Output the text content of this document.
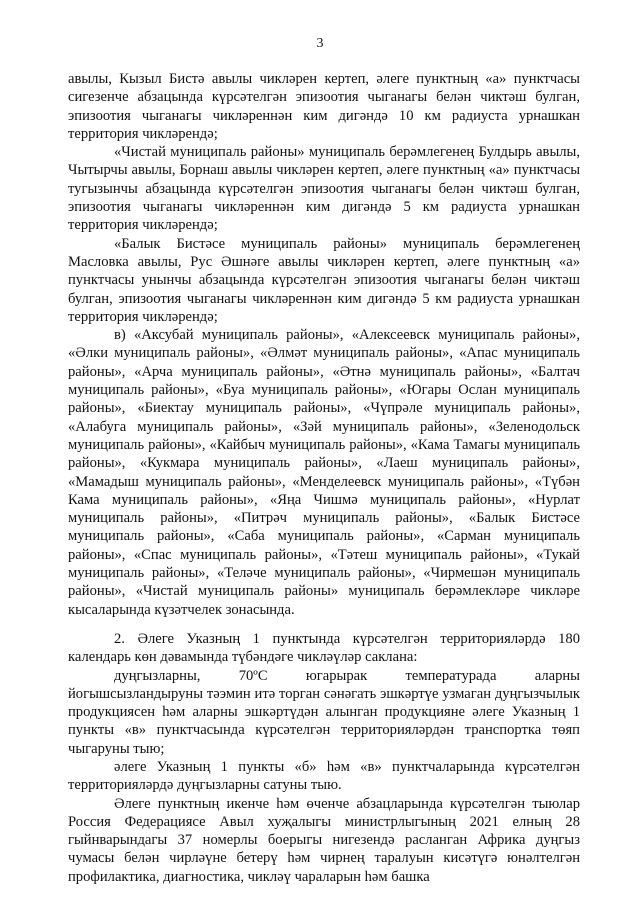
3

авылы, Кызыл Бистә авылы чикләрен кертеп, әлеге пунктның «а» пунктчасы сигезенче абзацында күрсәтелгән эпизоотия чыганагы белән чиктәш булган, эпизоотия чыганагы чикләреннән ким дигәндә 10 км радиуста урнашкан территория чикләрендә;

«Чистай муниципаль районы» муниципаль берәмлегенең Булдырь авылы, Чытырчы авылы, Борнаш авылы чикләрен кертеп, әлеге пунктның «а» пунктчасы тугызынчы абзацында күрсәтелгән эпизоотия чыганагы белән чиктәш булган, эпизоотия чыганагы чикләреннән ким дигәндә 5 км радиуста урнашкан территория чикләрендә;

«Балык Бистәсе муниципаль районы» муниципаль берәмлегенең Масловка авылы, Рус Әшнәге авылы чикләрен кертеп, әлеге пунктның «а» пунктчасы унынчы абзацында күрсәтелгән эпизоотия чыганагы белән чиктәш булган, эпизоотия чыганагы чикләреннән ким дигәндә 5 км радиуста урнашкан территория чикләрендә;

в) «Аксубай муниципаль районы», «Алексеевск муниципаль районы», «Әлки муниципаль районы», «Әлмәт муниципаль районы», «Апас муниципаль районы», «Арча муниципаль районы», «Әтнә муниципаль районы», «Балтач муниципаль районы», «Буа муниципаль районы», «Югары Ослан муниципаль районы», «Биектау муниципаль районы», «Чүпрәле муниципаль районы», «Алабуга муниципаль районы», «Зәй муниципаль районы», «Зеленодольск муниципаль районы», «Кайбыч муниципаль районы», «Кама Тамагы муниципаль районы», «Кукмара муниципаль районы», «Лаеш муниципаль районы», «Мамадыш муниципаль районы», «Менделеевск муниципаль районы», «Түбән Кама муниципаль районы», «Яңа Чишмә муниципаль районы», «Нурлат муниципаль районы», «Питрәч муниципаль районы», «Балык Бистәсе муниципаль районы», «Саба муниципаль районы», «Сарман муниципаль районы», «Спас муниципаль районы», «Тәтеш муниципаль районы», «Тукай муниципаль районы», «Теләче муниципаль районы», «Чирмешән муниципаль районы», «Чистай муниципаль районы» муниципаль берәмлекләре чикләре кысаларында күзәтчелек зонасында.

2. Әлеге Указның 1 пунктында күрсәтелгән территорияләрдә 180 календарь көн дәвамында түбәндәге чикләүләр саклана:

дуңгызларны, 70ºС югарырак температурада аларны йогышсызландыруны тәэмин итә торган сәнәгать эшкәртүе узмаган дуңгызчылык продукциясен һәм аларны эшкәртүдән алынган продукцияне әлеге Указның 1 пункты «в» пунктчасында күрсәтелгән территорияләрдән транспортка төяп чыгаруны тыю;

әлеге Указның 1 пункты «б» һәм «в» пунктчаларында күрсәтелгән территорияләрдә дуңгызларны сатуны тыю.

Әлеге пунктның икенче һәм өченче абзацларында күрсәтелгән тыюлар Россия Федерациясе Авыл хуҗалыгы министрлыгының 2021 елның 28 гыйнварындагы 37 номерлы боерыгы нигезендә расланган Африка дуңгыз чумасы белән чирләүне бетерү һәм чирнең таралуын кисәтүгә юнәлтелгән профилактика, диагностика, чикләү чараларын һәм башка
